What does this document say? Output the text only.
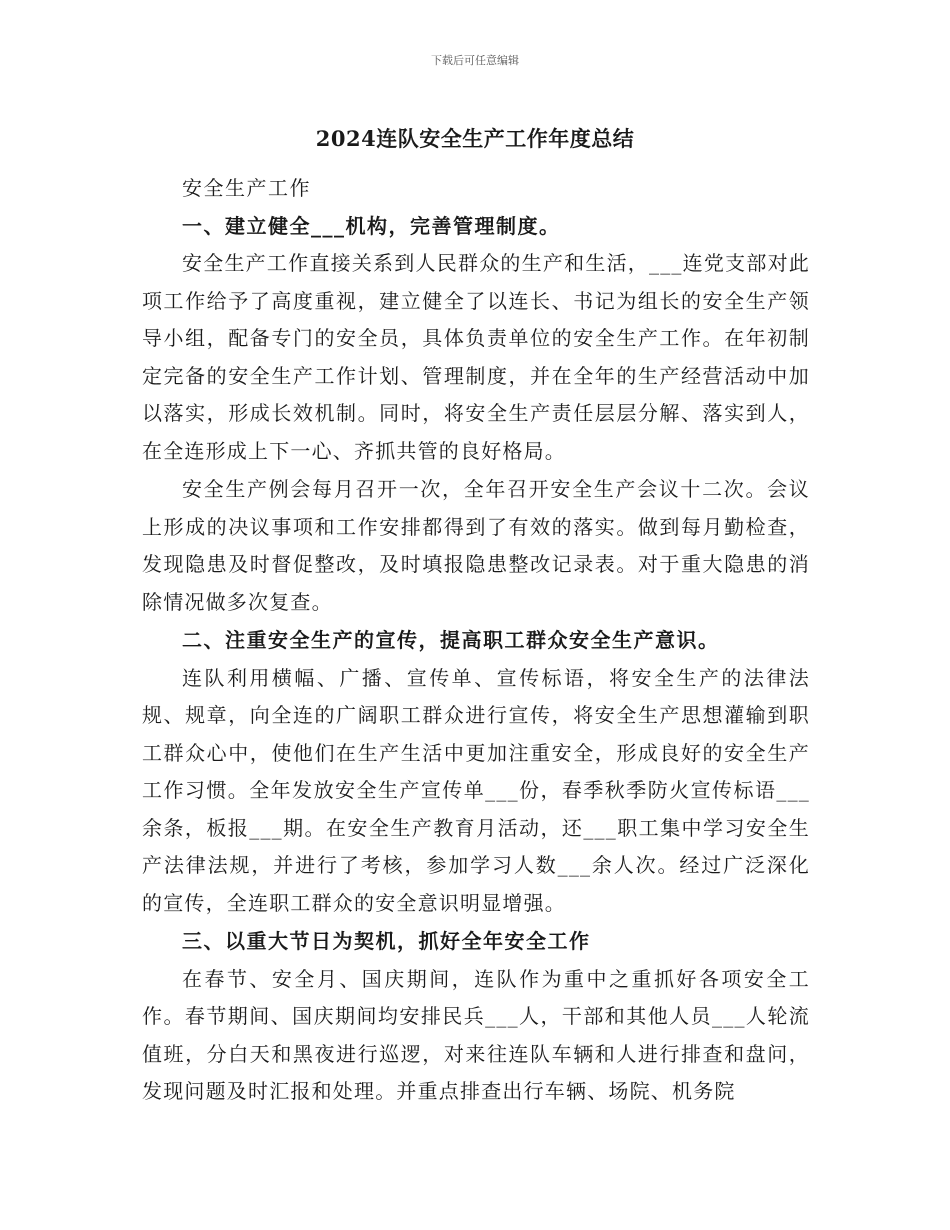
下载后可任意编辑
2024连队安全生产工作年度总结

安全生产工作

一、建立健全___机构，完善管理制度。

安全生产工作直接关系到人民群众的生产和生活，___连党支部对此项工作给予了高度重视，建立健全了以连长、书记为组长的安全生产领导小组，配备专门的安全员，具体负责单位的安全生产工作。在年初制定完备的安全生产工作计划、管理制度，并在全年的生产经营活动中加以落实，形成长效机制。同时，将安全生产责任层层分解、落实到人，在全连形成上下一心、齐抓共管的良好格局。

安全生产例会每月召开一次，全年召开安全生产会议十二次。会议上形成的决议事项和工作安排都得到了有效的落实。做到每月勤检查，发现隐患及时督促整改，及时填报隐患整改记录表。对于重大隐患的消除情况做多次复查。

二、注重安全生产的宣传，提高职工群众安全生产意识。

连队利用横幅、广播、宣传单、宣传标语，将安全生产的法律法规、规章，向全连的广阔职工群众进行宣传，将安全生产思想灌输到职工群众心中，使他们在生产生活中更加注重安全，形成良好的安全生产工作习惯。全年发放安全生产宣传单___份，春季秋季防火宣传标语___余条，板报___期。在安全生产教育月活动，还___职工集中学习安全生产法律法规，并进行了考核，参加学习人数___余人次。经过广泛深化的宣传，全连职工群众的安全意识明显增强。

三、以重大节日为契机，抓好全年安全工作

在春节、安全月、国庆期间，连队作为重中之重抓好各项安全工作。春节期间、国庆期间均安排民兵___人，干部和其他人员___人轮流值班，分白天和黑夜进行巡逻，对来往连队车辆和人进行排查和盘问，发现问题及时汇报和处理。并重点排查出行车辆、场院、机务院
